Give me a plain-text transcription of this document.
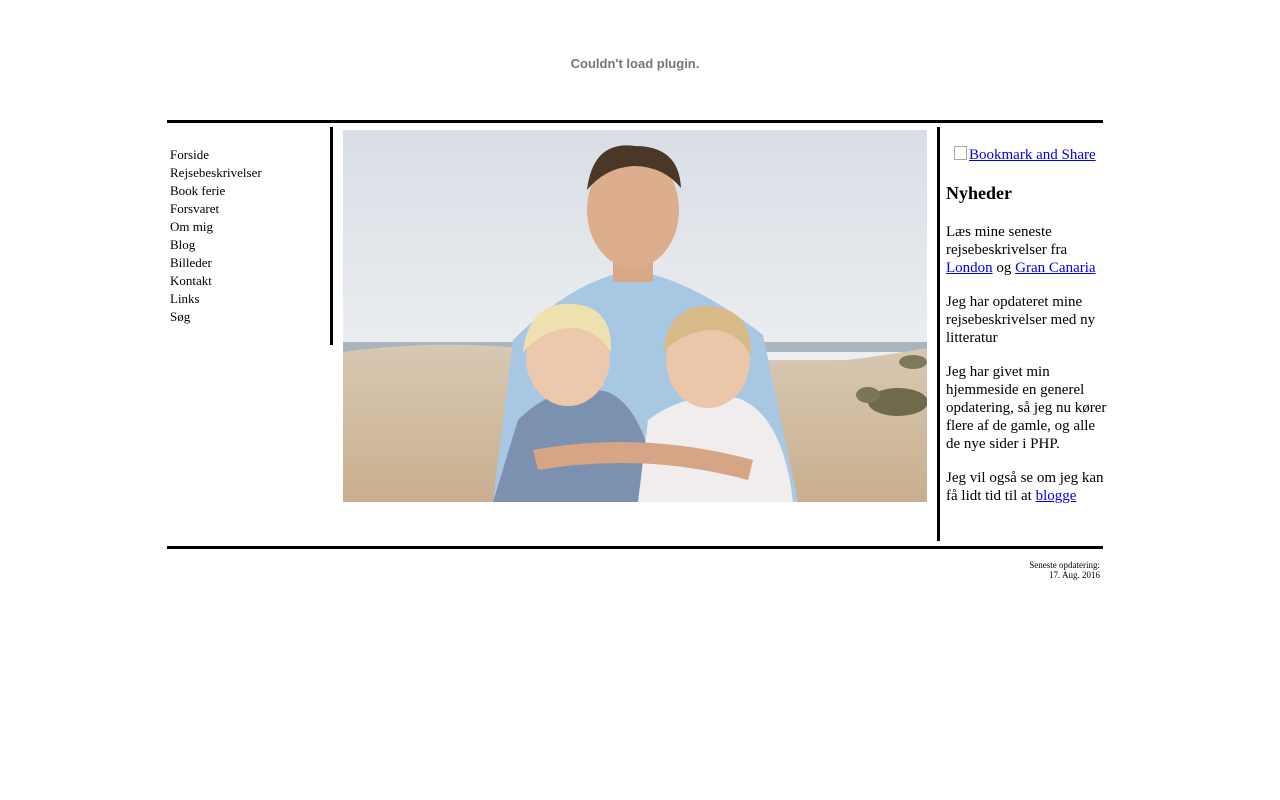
Couldn't load plugin.
Forside
Rejsebeskrivelser
Book ferie
Forsvaret
Om mig
Blog
Billeder
Kontakt
Links
Søg
Bookmark and Share
Nyheder

Læs mine seneste rejsebeskrivelser fra London og Gran Canaria

Jeg har opdateret mine rejsebeskrivelser med ny litteratur

Jeg har givet min hjemmeside en generel opdatering, så jeg nu kører flere af de gamle, og alle de nye sider i PHP.

Jeg vil også se om jeg kan få lidt tid til at blogge

Seneste opdatering:
17. Aug. 2016
